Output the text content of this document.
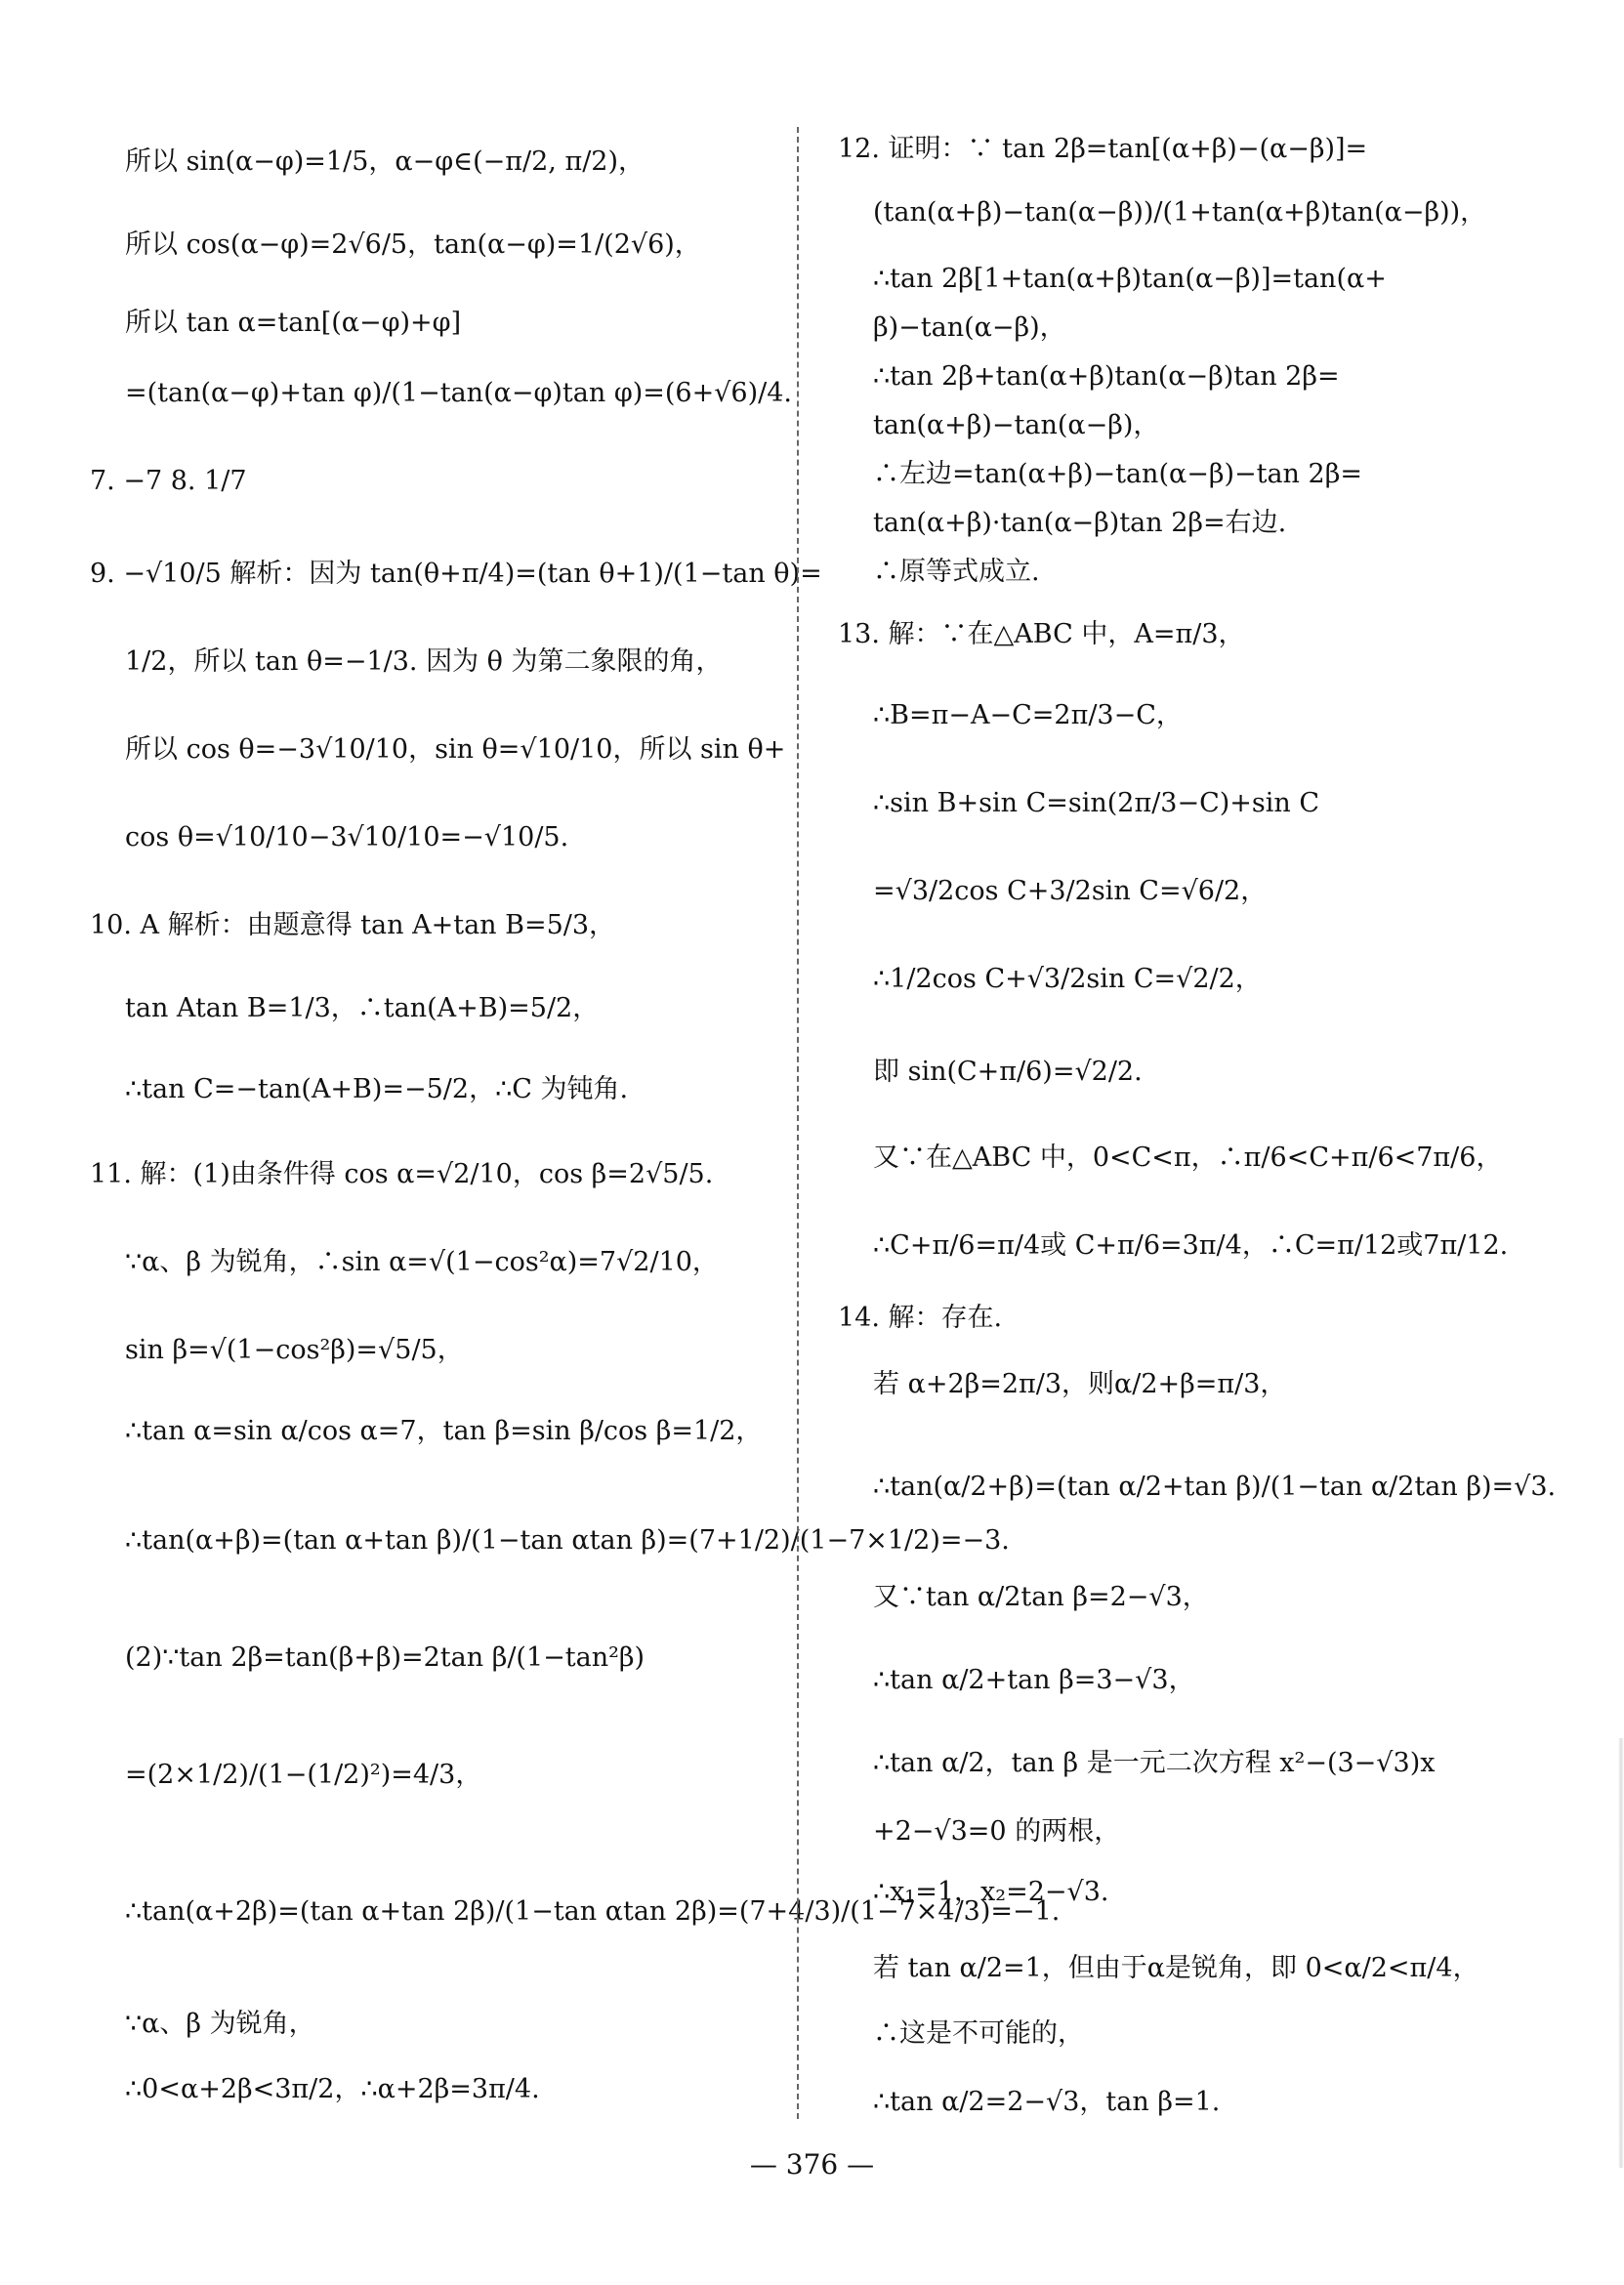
所以 sin(α−φ)=1/5，α−φ∈(−π/2, π/2)，
所以 cos(α−φ)=2√6/5，tan(α−φ)=1/(2√6)，
所以 tan α=tan[(α−φ)+φ]
=(tan(α−φ)+tan φ)/(1−tan(α−φ)tan φ)=(6+√6)/4.
7. −7 8. 1/7
9. −√10/5 解析：因为 tan(θ+π/4)=(tan θ+1)/(1−tan θ)=
1/2，所以 tan θ=−1/3. 因为 θ 为第二象限的角，
所以 cos θ=−3√10/10，sin θ=√10/10，所以 sin θ+
cos θ=√10/10−3√10/10=−√10/5.
10. A 解析：由题意得 tan A+tan B=5/3，
tan Atan B=1/3，∴tan(A+B)=5/2，
∴tan C=−tan(A+B)=−5/2，∴C 为钝角.
11. 解：(1)由条件得 cos α=√2/10，cos β=2√5/5.
∵α、β 为锐角，∴sin α=√(1−cos²α)=7√2/10，
sin β=√(1−cos²β)=√5/5，
∴tan α=sin α/cos α=7，tan β=sin β/cos β=1/2，
∴tan(α+β)=(tan α+tan β)/(1−tan αtan β)=(7+1/2)/(1−7×1/2)=−3.
(2)∵tan 2β=tan(β+β)=2tan β/(1−tan²β)
=(2×1/2)/(1−(1/2)²)=4/3，
∴tan(α+2β)=(tan α+tan 2β)/(1−tan αtan 2β)=(7+4/3)/(1−7×4/3)=−1.
∵α、β 为锐角，
∴0<α+2β<3π/2，∴α+2β=3π/4.
12. 证明：∵ tan 2β=tan[(α+β)−(α−β)]=
(tan(α+β)−tan(α−β))/(1+tan(α+β)tan(α−β))，
∴tan 2β[1+tan(α+β)tan(α−β)]=tan(α+
β)−tan(α−β)，
∴tan 2β+tan(α+β)tan(α−β)tan 2β=
tan(α+β)−tan(α−β)，
∴左边=tan(α+β)−tan(α−β)−tan 2β=
tan(α+β)·tan(α−β)tan 2β=右边.
∴原等式成立.
13. 解：∵在△ABC 中，A=π/3，
∴B=π−A−C=2π/3−C，
∴sin B+sin C=sin(2π/3−C)+sin C
=√3/2cos C+3/2sin C=√6/2，
∴1/2cos C+√3/2sin C=√2/2，
即 sin(C+π/6)=√2/2.
又∵在△ABC 中，0<C<π，∴π/6<C+π/6<7π/6，
∴C+π/6=π/4或 C+π/6=3π/4，∴C=π/12或7π/12.
14. 解：存在.
若 α+2β=2π/3，则α/2+β=π/3，
∴tan(α/2+β)=(tan α/2+tan β)/(1−tan α/2tan β)=√3.
又∵tan α/2tan β=2−√3，
∴tan α/2+tan β=3−√3，
∴tan α/2，tan β 是一元二次方程 x²−(3−√3)x
+2−√3=0 的两根，
∴x₁=1，x₂=2−√3.
若 tan α/2=1，但由于α是锐角，即 0<α/2<π/4，
∴这是不可能的，
∴tan α/2=2−√3，tan β=1.
— 376 —
